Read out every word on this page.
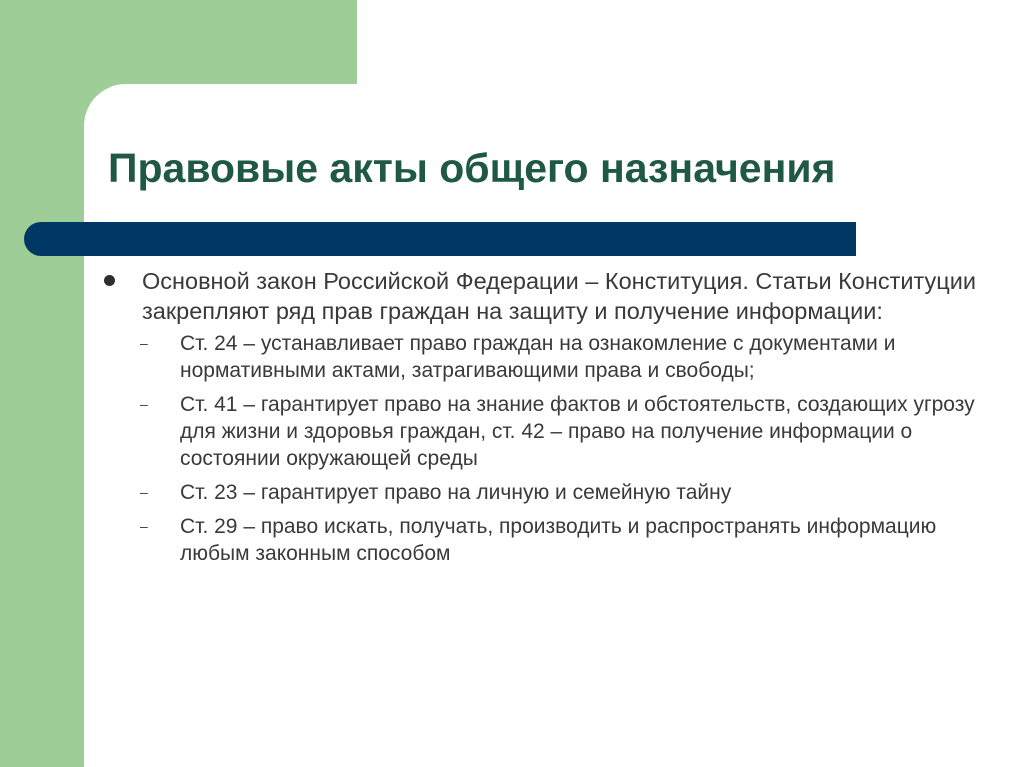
Правовые акты общего назначения
Основной закон Российской Федерации – Конституция. Статьи Конституции закрепляют ряд прав граждан на защиту и получение информации:
– Ст. 24 – устанавливает право граждан на ознакомление с документами и нормативными актами, затрагивающими права и свободы;
– Ст. 41 – гарантирует право на знание фактов и обстоятельств, создающих угрозу для жизни и здоровья граждан, ст. 42 – право на получение информации о состоянии окружающей среды
– Ст. 23 – гарантирует право на личную и семейную тайну
– Ст. 29 – право искать, получать, производить и распространять информацию любым законным способом
